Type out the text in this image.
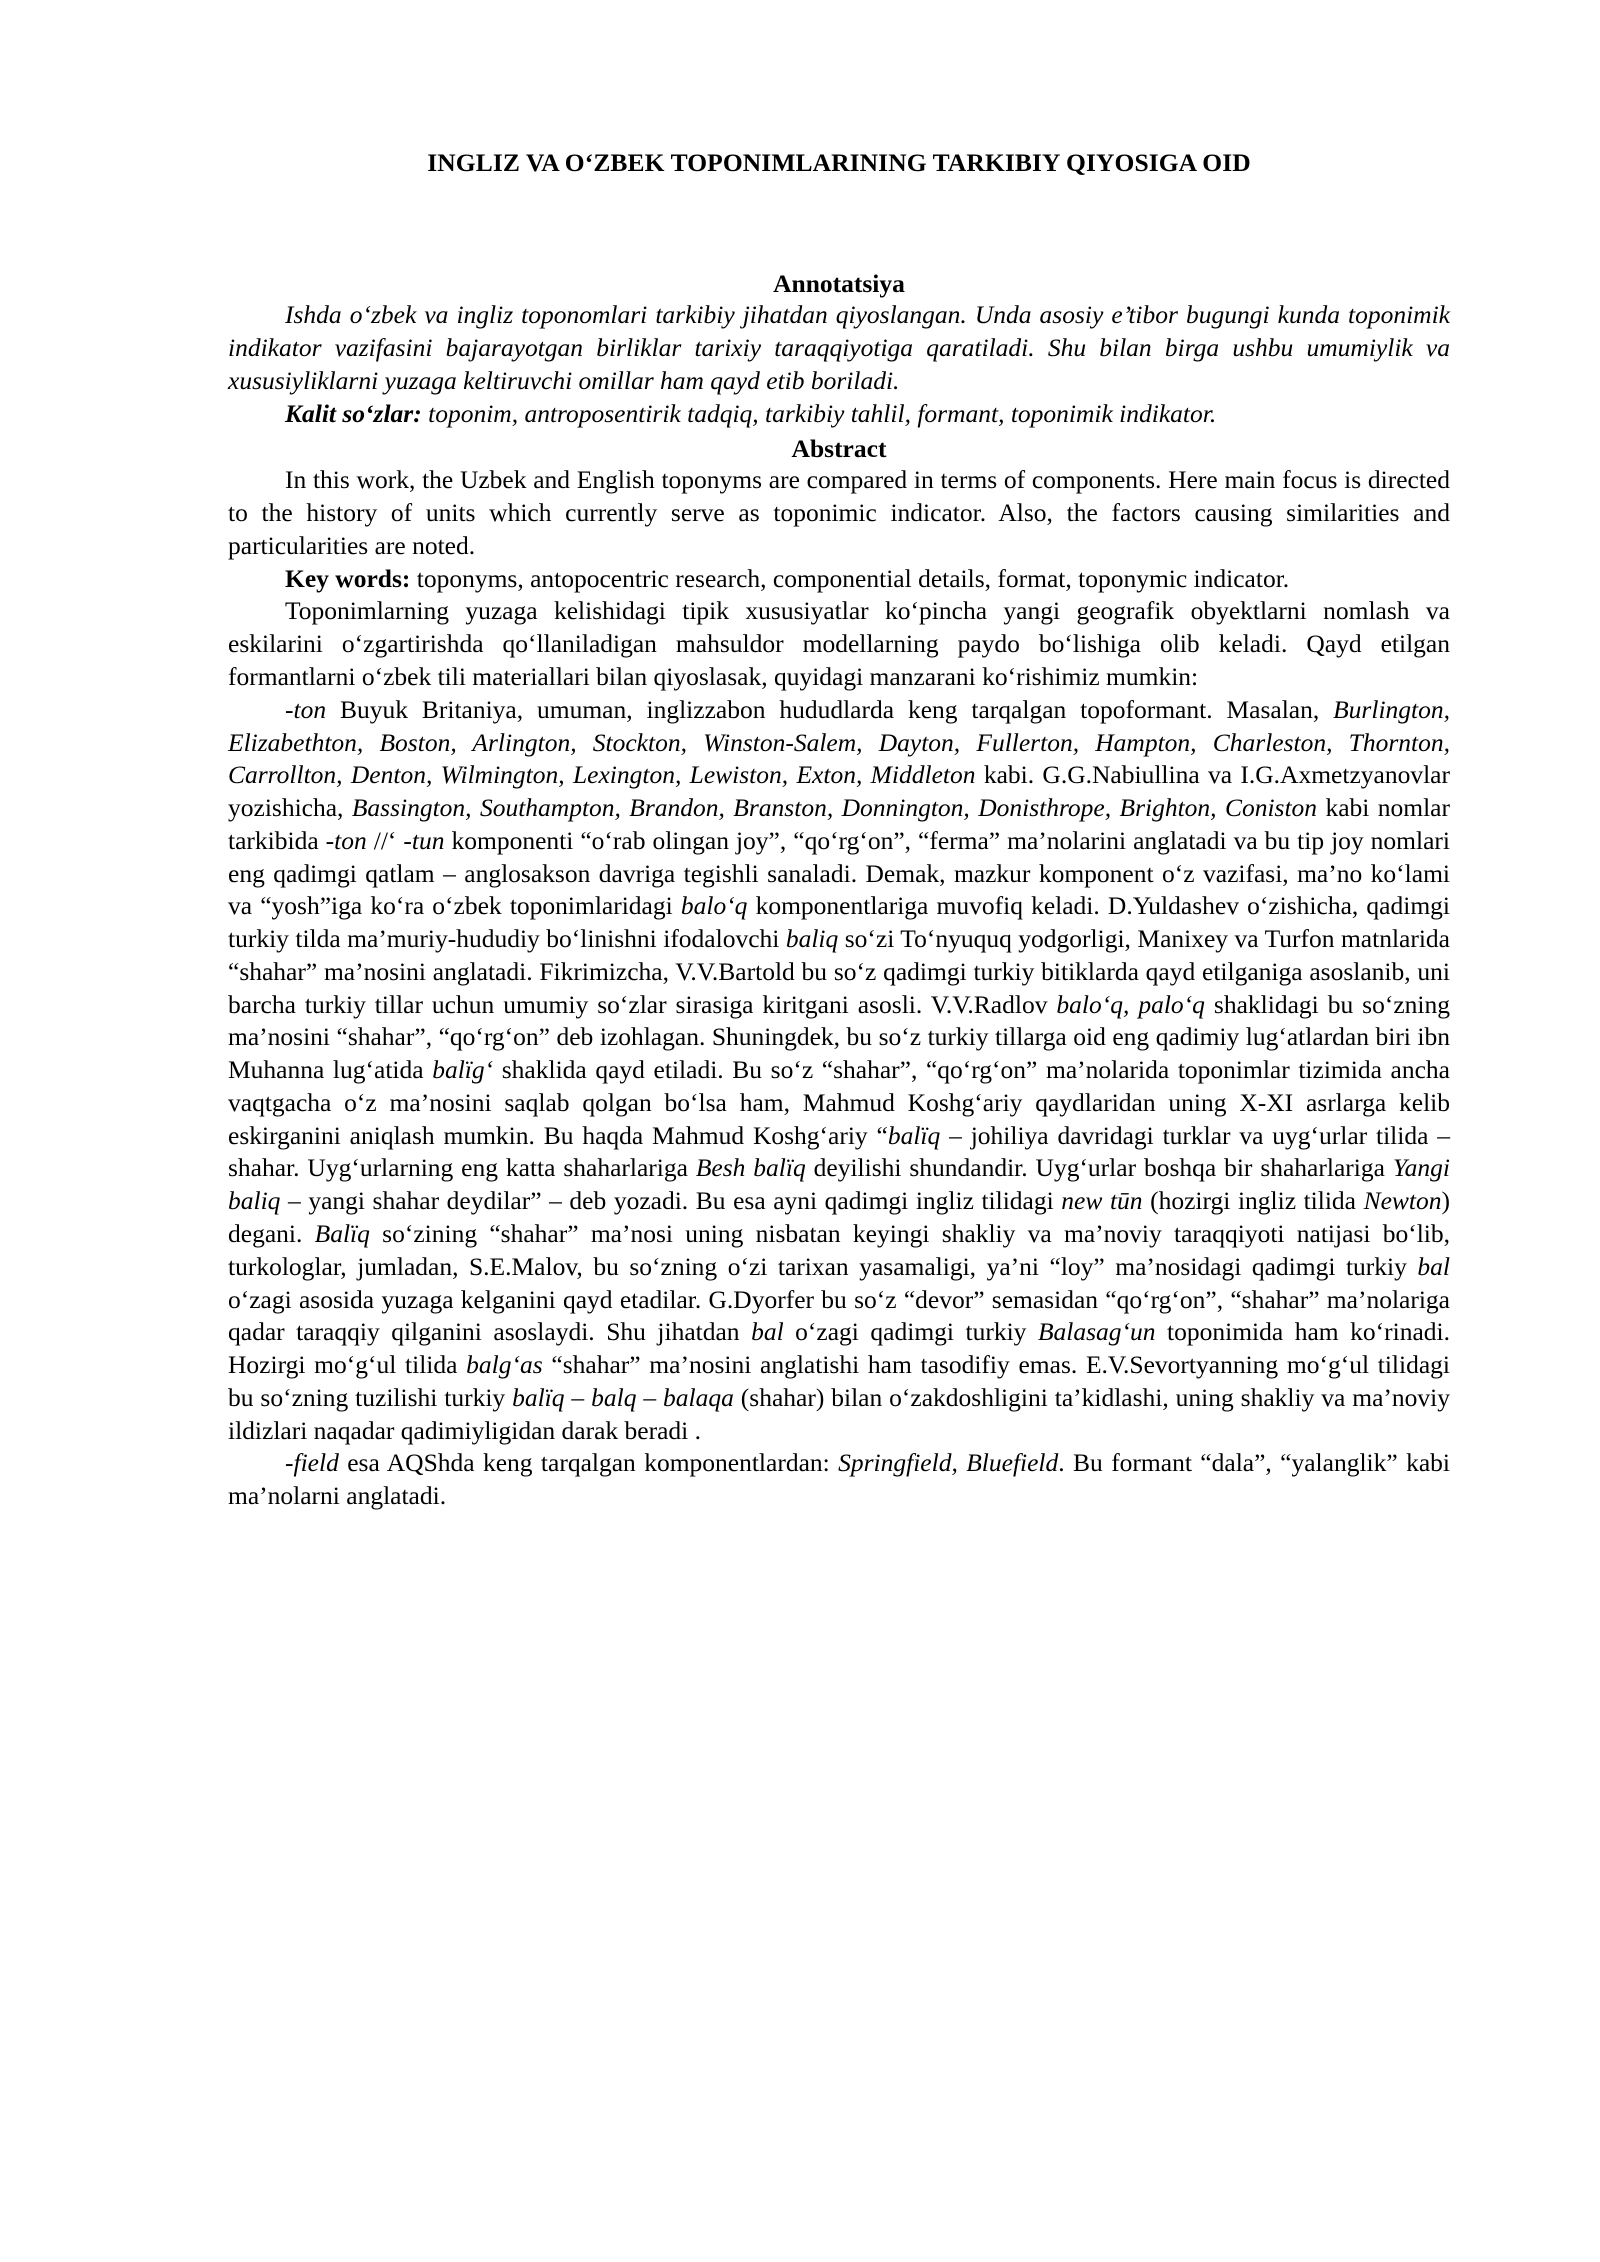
INGLIZ VA O‘ZBEK TOPONIMLARINING TARKIBIY QIYOSIGA OID
Annotatsiya

Ishda o‘zbek va ingliz toponomlari tarkibiy jihatdan qiyoslangan. Unda asosiy e’tibor bugungi kunda toponimik indikator vazifasini bajarayotgan birliklar tarixiy taraqqiyotiga qaratiladi. Shu bilan birga ushbu umumiylik va xususiyliklarni yuzaga keltiruvchi omillar ham qayd etib boriladi.

Kalit so‘zlar: toponim, antroposentirik tadqiq, tarkibiy tahlil, formant, toponimik indikator.

Abstract

In this work, the Uzbek and English toponyms are compared in terms of components. Here main focus is directed to the history of units which currently serve as toponimic indicator. Also, the factors causing similarities and particularities are noted.

Key words: toponyms, antopocentric research, componential details, format, toponymic indicator.

Toponimlarning yuzaga kelishidagi tipik xususiyatlar ko‘pincha yangi geografik obyektlarni nomlash va eskilarini o‘zgartirishda qo‘llaniladigan mahsuldor modellarning paydo bo‘lishiga olib keladi. Qayd etilgan formantlarni o‘zbek tili materiallari bilan qiyoslasak, quyidagi manzarani ko‘rishimiz mumkin:

-ton Buyuk Britaniya, umuman, inglizzabon hududlarda keng tarqalgan topoformant. Masalan, Burlington, Elizabethton, Boston, Arlington, Stockton, Winston-Salem, Dayton, Fullerton, Hampton, Charleston, Thornton, Carrollton, Denton, Wilmington, Lexington, Lewiston, Exton, Middleton kabi. G.G.Nabiullina va I.G.Axmetzyanovlar yozishicha, Bassington, Southampton, Brandon, Branston, Donnington, Donisthrope, Brighton, Coniston kabi nomlar tarkibida -ton //‘ -tun komponenti “o‘rab olingan joy”, “qo‘rg‘on”, “ferma” ma’nolarini anglatadi va bu tip joy nomlari eng qadimgi qatlam – anglosakson davriga tegishli sanaladi. Demak, mazkur komponent o‘z vazifasi, ma’no ko‘lami va “yosh”iga ko‘ra o‘zbek toponimlaridagi balo‘q komponentlariga muvofiq keladi. D.Yuldashev o‘zishicha, qadimgi turkiy tilda ma’muriy-hududiy bo‘linishni ifodalovchi baliq so‘zi To‘nyuquq yodgorligi, Manixey va Turfon matnlarida “shahar” ma’nosini anglatadi. Fikrimizcha, V.V.Bartold bu so‘z qadimgi turkiy bitiklarda qayd etilganiga asoslanib, uni barcha turkiy tillar uchun umumiy so‘zlar sirasiga kiritgani asosli. V.V.Radlov balo‘q, palo‘q shaklidagi bu so‘zning ma’nosini “shahar”, “qo‘rg‘on” deb izohlagan. Shuningdek, bu so‘z turkiy tillarga oid eng qadimiy lug‘atlardan biri ibn Muhanna lug‘atida balïg‘ shaklida qayd etiladi. Bu so‘z “shahar”, “qo‘rg‘on” ma’nolarida toponimlar tizimida ancha vaqtgacha o‘z ma’nosini saqlab qolgan bo‘lsa ham, Mahmud Koshg‘ariy qaydlaridan uning X-XI asrlarga kelib eskirganini aniqlash mumkin. Bu haqda Mahmud Koshg‘ariy “balïq – johiliya davridagi turklar va uyg‘urlar tilida – shahar. Uyg‘urlarning eng katta shaharlariga Besh balïq deyilishi shundandir. Uyg‘urlar boshqa bir shaharlariga Yangi baliq – yangi shahar deydilar” – deb yozadi. Bu esa ayni qadimgi ingliz tilidagi new tūn (hozirgi ingliz tilida Newton) degani. Balïq so‘zining “shahar” ma’nosi uning nisbatan keyingi shakliy va ma’noviy taraqqiyoti natijasi bo‘lib, turkologlar, jumladan, S.E.Malov, bu so‘zning o‘zi tarixan yasamaligi, ya’ni “loy” ma’nosidagi qadimgi turkiy bal o‘zagi asosida yuzaga kelganini qayd etadilar. G.Dyorfer bu so‘z “devor” semasidan “qo‘rg‘on”, “shahar” ma’nolariga qadar taraqqiy qilganini asoslaydi. Shu jihatdan bal o‘zagi qadimgi turkiy Balasag‘un toponimida ham ko‘rinadi. Hozirgi mo‘g‘ul tilida balg‘as “shahar” ma’nosini anglatishi ham tasodifiy emas. E.V.Sevortyanning mo‘g‘ul tilidagi bu so‘zning tuzilishi turkiy balïq – balq – balaqa (shahar) bilan o‘zakdoshligini ta’kidlashi, uning shakliy va ma’noviy ildizlari naqadar qadimiyligidan darak beradi .

-field esa AQShda keng tarqalgan komponentlardan: Springfield, Bluefield. Bu formant “dala”, “yalanglik” kabi ma’nolarni anglatadi.
